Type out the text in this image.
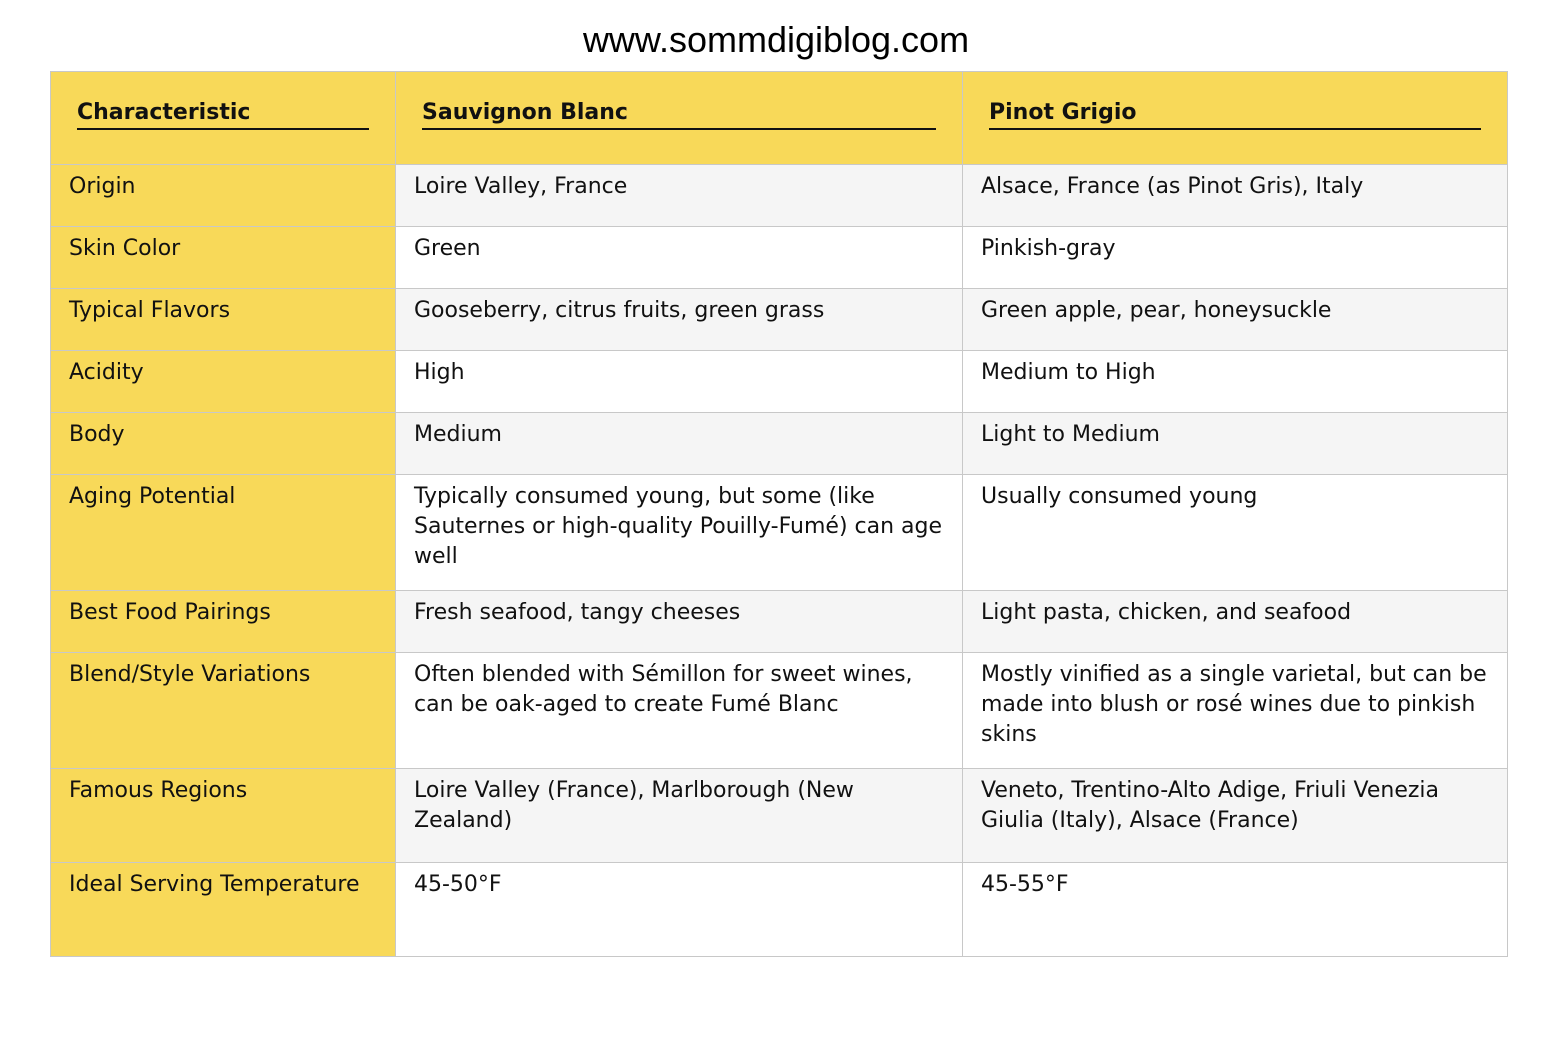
www.sommdigiblog.com
Characteristic	Sauvignon Blanc	Pinot Grigio

Origin	Loire Valley, France	Alsace, France (as Pinot Gris), Italy
Skin Color	Green	Pinkish-gray
Typical Flavors	Gooseberry, citrus fruits, green grass	Green apple, pear, honeysuckle
Acidity	High	Medium to High
Body	Medium	Light to Medium
Aging Potential	Typically consumed young, but some (like Sauternes or high-quality Pouilly-Fumé) can age well	Usually consumed young
Best Food Pairings	Fresh seafood, tangy cheeses	Light pasta, chicken, and seafood
Blend/Style Variations	Often blended with Sémillon for sweet wines, can be oak-aged to create Fumé Blanc	Mostly vinified as a single varietal, but can be made into blush or rosé wines due to pinkish skins
Famous Regions	Loire Valley (France), Marlborough (New Zealand)	Veneto, Trentino-Alto Adige, Friuli Venezia Giulia (Italy), Alsace (France)
Ideal Serving Temperature	45-50°F	45-55°F
